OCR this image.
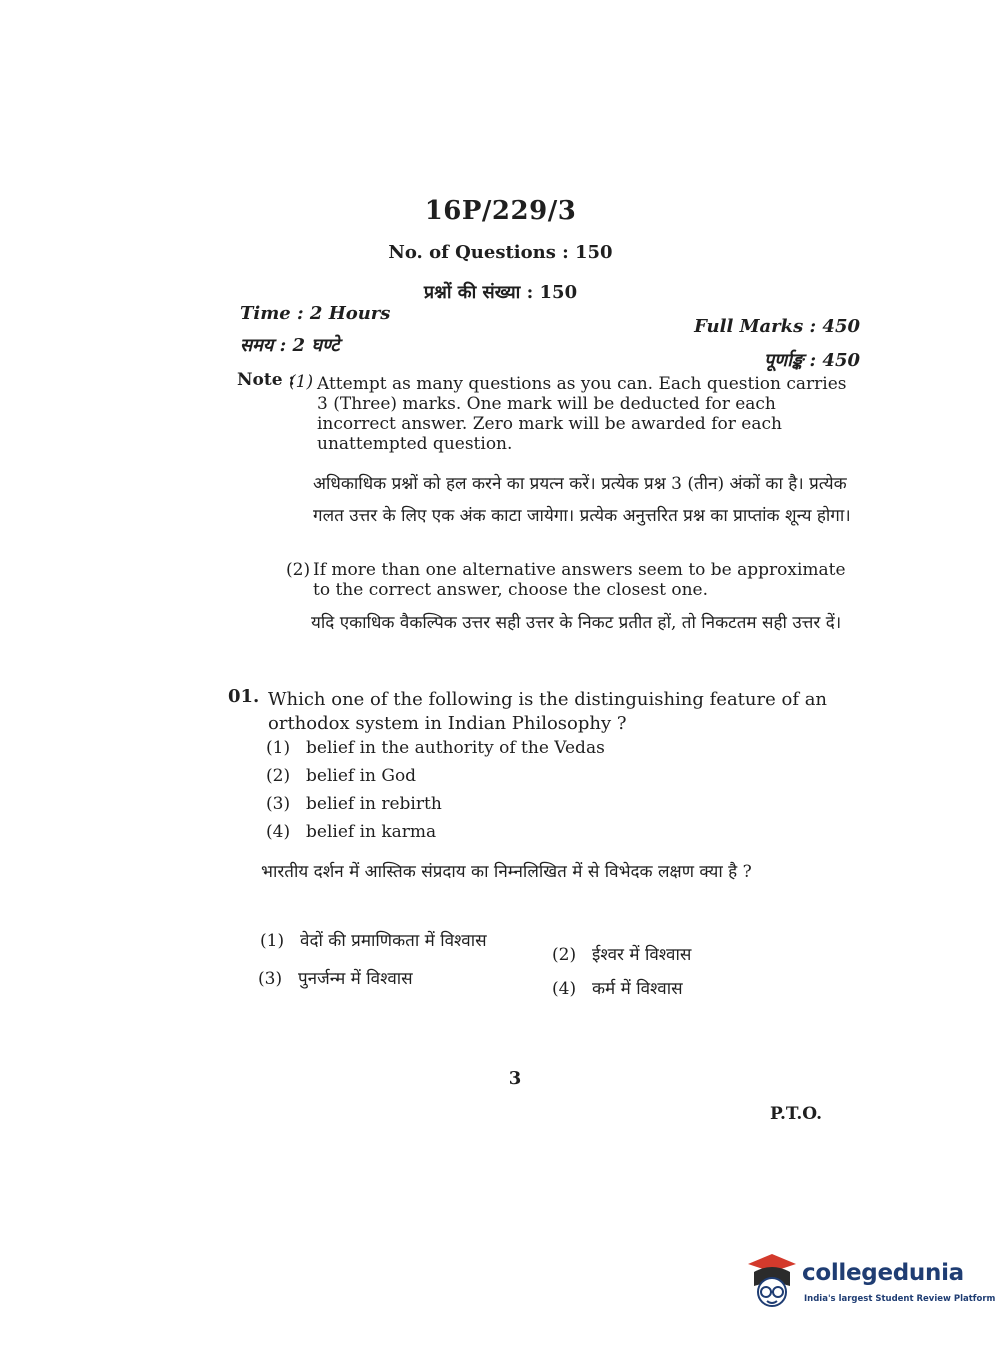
16P/229/3
No. of Questions : 150
प्रश्नों की संख्या : 150
Time : 2 Hours
समय : 2 घण्टे
Full Marks : 450
पूर्णाङ्क : 450
Note :
(1) Attempt as many questions as you can. Each question carries 3 (Three) marks. One mark will be deducted for each incorrect answer. Zero mark will be awarded for each unattempted question.
अधिकाधिक प्रश्नों को हल करने का प्रयत्न करें। प्रत्येक प्रश्न 3 (तीन) अंकों का है। प्रत्येक गलत उत्तर के लिए एक अंक काटा जायेगा। प्रत्येक अनुत्तरित प्रश्न का प्राप्तांक शून्य होगा।
(2) If more than one alternative answers seem to be approximate to the correct answer, choose the closest one.
यदि एकाधिक वैकल्पिक उत्तर सही उत्तर के निकट प्रतीत हों, तो निकटतम सही उत्तर दें।
01. Which one of the following is the distinguishing feature of an orthodox system in Indian Philosophy ?
(1) belief in the authority of the Vedas
(2) belief in God
(3) belief in rebirth
(4) belief in karma
भारतीय दर्शन में आस्तिक संप्रदाय का निम्नलिखित में से विभेदक लक्षण क्या है ?
(1) वेदों की प्रमाणिकता में विश्वास
(2) ईश्वर में विश्वास
(3) पुनर्जन्म में विश्वास	(4) कर्म में विश्वास
3
P.T.O.
collegedunia
India's largest Student Review Platform
